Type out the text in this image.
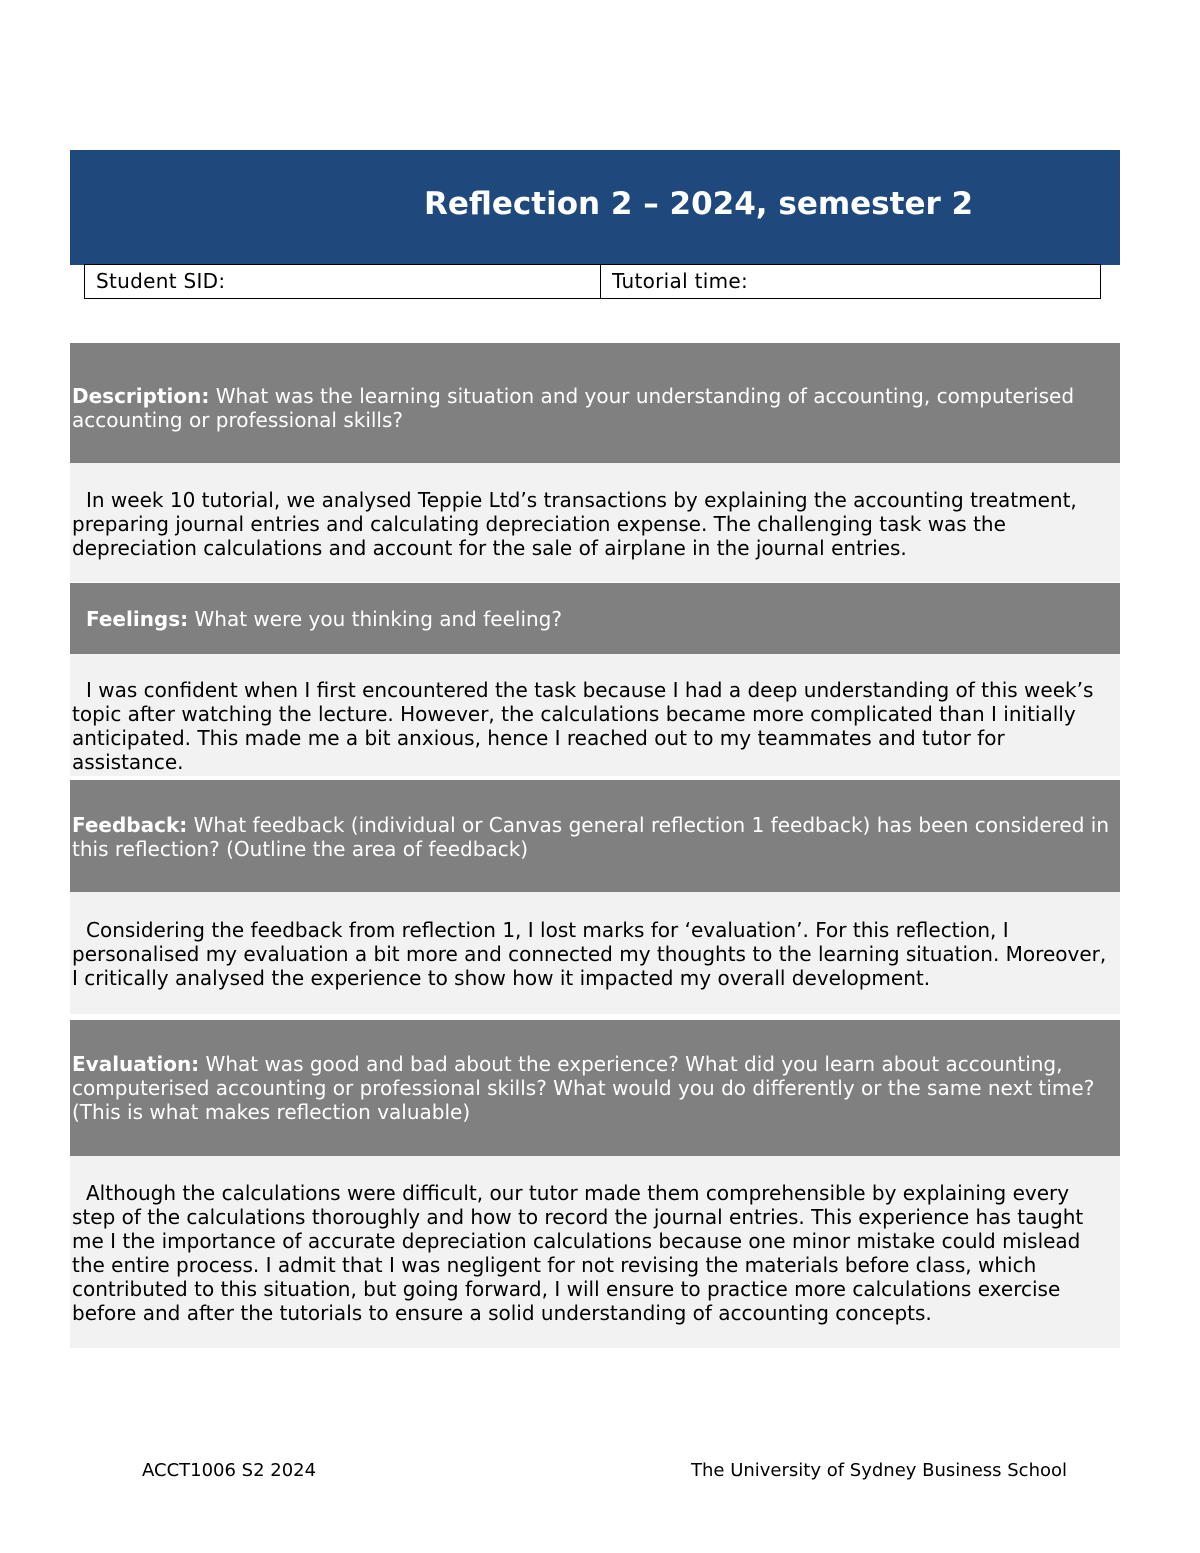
Reflection 2 – 2024, semester 2
Student SID:	Tutorial time:
Description: What was the learning situation and your understanding of accounting, computerised accounting or professional skills?
In week 10 tutorial, we analysed Teppie Ltd’s transactions by explaining the accounting treatment, preparing journal entries and calculating depreciation expense. The challenging task was the depreciation calculations and account for the sale of airplane in the journal entries.
Feelings: What were you thinking and feeling?
I was confident when I first encountered the task because I had a deep understanding of this week’s topic after watching the lecture. However, the calculations became more complicated than I initially anticipated. This made me a bit anxious, hence I reached out to my teammates and tutor for assistance.
Feedback: What feedback (individual or Canvas general reflection 1 feedback) has been considered in this reflection? (Outline the area of feedback)
Considering the feedback from reflection 1, I lost marks for ‘evaluation’. For this reflection, I personalised my evaluation a bit more and connected my thoughts to the learning situation. Moreover, I critically analysed the experience to show how it impacted my overall development.
Evaluation: What was good and bad about the experience? What did you learn about accounting, computerised accounting or professional skills? What would you do differently or the same next time? (This is what makes reflection valuable)
Although the calculations were difficult, our tutor made them comprehensible by explaining every step of the calculations thoroughly and how to record the journal entries. This experience has taught me I the importance of accurate depreciation calculations because one minor mistake could mislead the entire process. I admit that I was negligent for not revising the materials before class, which contributed to this situation, but going forward, I will ensure to practice more calculations exercise before and after the tutorials to ensure a solid understanding of accounting concepts.
ACCT1006 S2 2024	The University of Sydney Business School
